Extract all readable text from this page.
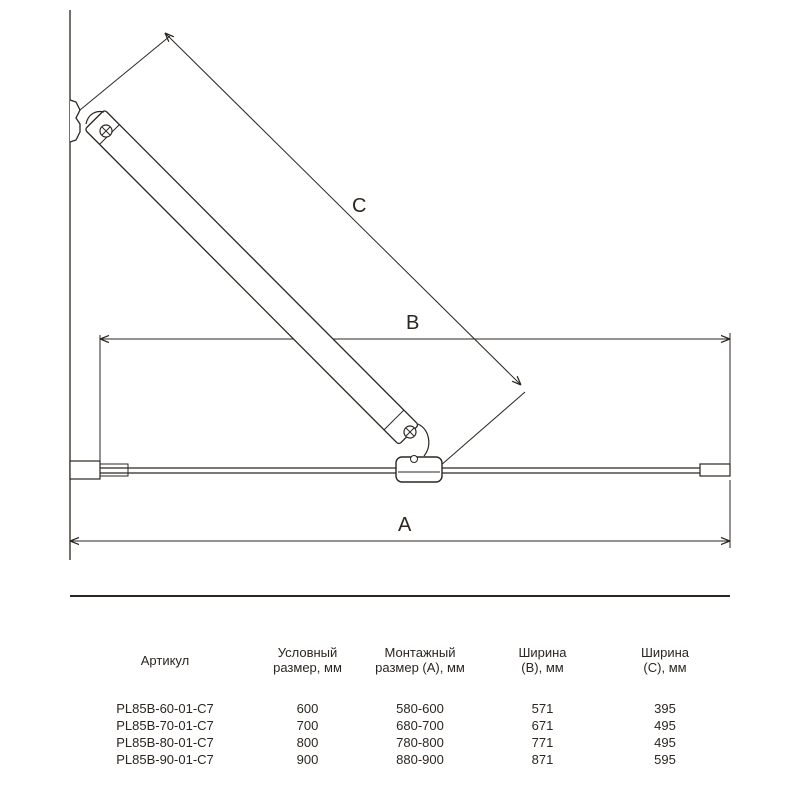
C
B
A
Артикул	Условный размер, мм	Монтажный размер (А), мм	Ширина (В), мм	Ширина (С), мм
PL85B-60-01-C7	600	580-600	571	395
PL85B-70-01-C7	700	680-700	671	495
PL85B-80-01-C7	800	780-800	771	495
PL85B-90-01-C7	900	880-900	871	595
